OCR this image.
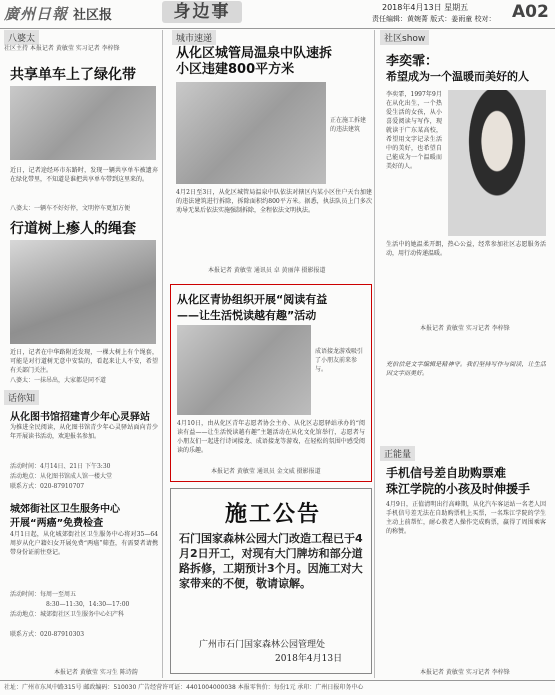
廣州日報 社区报	身边事	2018年4月13日 星期五
责任编辑：黄婉菁 版式：姜雨童 校对： A02
八婆太
社区主持 本报记者 黄敏莹 实习记者 李梓锋
共享单车上了绿化带
近日，记者途经环市东路时，发现一辆共享单车被遗弃在绿化带里，不知道是谁把共享单车带到这里来的。
八婆太：一辆车不好好停，文明停车更加方便
行道树上瘆人的绳套
近日，记者在中华路附近发现，一棵大树上有个绳套，可能是对行道树无意中安装的，看起来让人不安，希望有关部门关注。
八婆太：一抹吊出，大家都是同不道
话你知
从化图书馆招建青少年心灵驿站
为推进全民阅读，从化图书馆青少年心灵驿站面向青少年开展读书活动，欢迎报名参加。
活动时间：4月14日、21日 下午3:30
活动地点：从化图书馆成人馆一楼大堂
联系方式：020-87910707
城郊街社区卫生服务中心
开展“两癌”免费检查
4月1日起，从化城郊街社区卫生服务中心将对35—64周岁从化户籍妇女开展免费“两癌”筛查，有需要者请携带身份证前往登记。
活动时间：每周一至周五
8:30—11:30，14:30—17:00
活动地点：城郊街社区卫生服务中心妇产科
联系方式：020-87910303
本报记者 黄敏莹 实习生 陈诗韵
城市速递
从化区城管局温泉中队速拆小区违建800平方米
正在施工拆建的违法建筑
4月2日至3日，从化区城管局温泉中队依法对辖区内某小区住户天台加建的违法建筑进行拆除，拆除面积约800平方米。据悉，执法队员上门多次劝导无果后依法实施强制拆除，全程依法文明执法。
本报记者 黄敏莹 通讯员 卓 黄丽萍 摄影报道
从化区青协组织开展“阅读有益
——让生活悦读越有趣”活动
成语接龙游戏吸引了小朋友前来参与。
4月10日，由从化区青年志愿者协会主办、从化区志愿驿站承办的“阅读有益——让生活悦读越有趣”主题活动在从化文化馆举行，志愿者与小朋友们一起进行诗词接龙、成语接龙等游戏，在轻松的氛围中感受阅读的乐趣。
本报记者 黄敏莹 通讯员 金文威 摄影报道
施工公告
石门国家森林公园大门改造工程已于4月2日开工，对现有大门牌坊和部分道路拆修，工期预计3个月。因施工对大家带来的不便，敬请谅解。
广州市石门国家森林公园管理处
2018年4月13日
社区show
李奕霏：
希望成为一个温暖而美好的人
李奕霏，1997年9月在从化出生，一个热爱生活的女孩，从小喜爱阅读与写作，现就读于广东某高校，希望用文字记录生活中的美好，也希望自己能成为一个温暖而美好的人。
生活中的她温柔开朗，热心公益，经常参加社区志愿服务活动，用行动传递温暖。
充伯信是文字编辑是精神守。我们坚持写作与阅读，让生活因文字而美好。
本报记者 黄敏莹 实习记者 李梓锋
正能量
手机信号差自助购票难
珠江学院的小孩及时伸援手
4月9日，正值清明出行高峰期，从化汽车客运站一名老人因手机信号差无法在自助购票机上买票，一名珠江学院的学生主动上前帮忙，耐心教老人操作完成购票，赢得了周围乘客的称赞。
本报记者 黄敏莹 实习记者 李梓锋
社址：广州市东风中路315号 邮政编码：510030 广告经营许可证：4401004000038 本报零售价：每份1元 承印：广州日报印务中心
